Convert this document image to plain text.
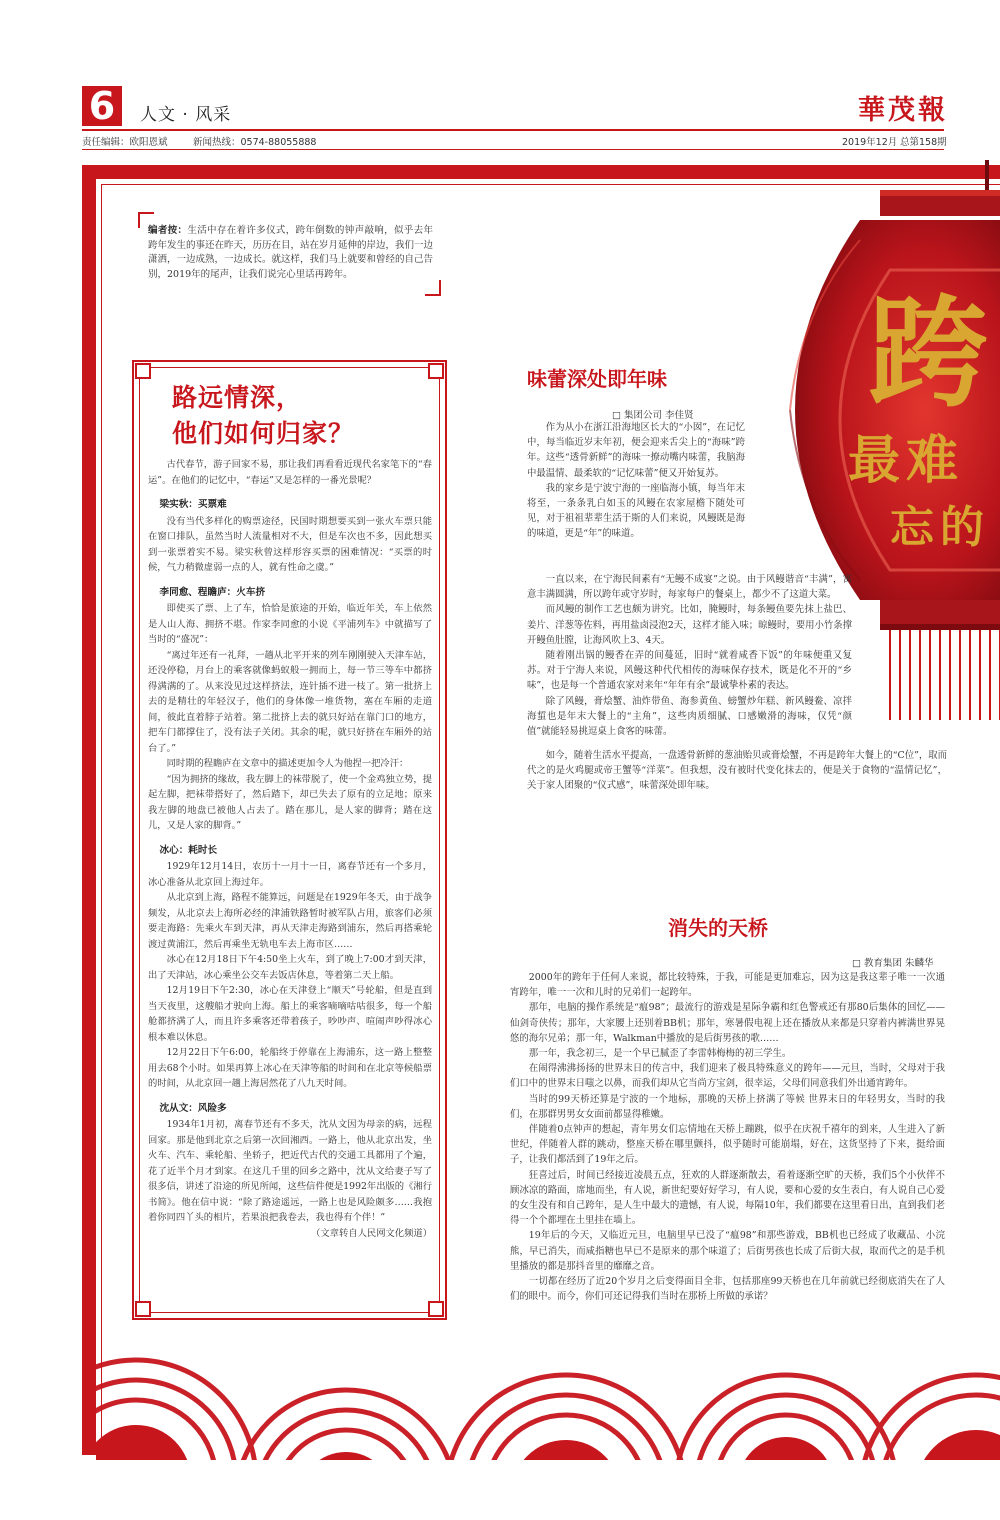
6	人文 · 风采	華茂報
责任编辑：欧阳恩斌	新闻热线：0574-88055888	2019年12月 总第158期
跨
最难
忘的
编者按：生活中存在着许多仪式，跨年倒数的钟声敲响，似乎去年跨年发生的事还在昨天，历历在目，站在岁月延伸的岸边，我们一边潇洒，一边成熟，一边成长。就这样，我们马上就要和曾经的自己告别，2019年的尾声，让我们说完心里话再跨年。
路远情深，
他们如何归家？

古代春节，游子回家不易，那让我们再看看近现代名家笔下的“春运”。在他们的记忆中，“春运”又是怎样的一番光景呢？

梁实秋：买票难

没有当代多样化的购票途径，民国时期想要买到一张火车票只能在窗口排队，虽然当时人流量相对不大，但是车次也不多，因此想买到一张票着实不易。梁实秋曾这样形容买票的困难情况：“买票的时候，气力稍微虚弱一点的人，就有性命之虞。”

李同愈、程瞻庐：火车挤

即使买了票、上了车，恰恰是旅途的开始，临近年关，车上依然是人山人海、拥挤不堪。作家李同愈的小说《平浦列车》中就描写了当时的“盛况”：

“离过年还有一礼拜，一趟从北平开来的列车刚刚驶入天津车站，还没停稳，月台上的乘客就像蚂蚁般一拥而上，每一节三等车中都挤得满满的了。从来没见过这样挤法，连针插不进一枝了。第一批挤上去的是精壮的年轻汉子，他们的身体像一堆货物，塞在车厢的走道间，彼此直着脖子站着。第二批挤上去的就只好站在靠门口的地方，把车门都撑住了，没有法子关闭。其余的呢，就只好挤在车厢外的站台了。”

同时期的程瞻庐在文章中的描述更加令人为他捏一把冷汗：

“因为拥挤的缘故，我左脚上的袜带脱了，使一个金鸡独立势，提起左脚，把袜带搭好了，然后踏下，却已失去了原有的立足地；原来我左脚的地盘已被他人占去了。踏在那儿，是人家的脚背；踏在这儿，又是人家的脚背。”

冰心：耗时长

1929年12月14日，农历十一月十一日，离春节还有一个多月，冰心准备从北京回上海过年。

从北京到上海，路程不能算远，问题是在1929年冬天，由于战争频发，从北京去上海所必经的津浦铁路暂时被军队占用，旅客们必须要走海路：先乘火车到天津，再从天津走海路到浦东，然后再搭乘轮渡过黄浦江，然后再乘坐无轨电车去上海市区……

冰心在12月18日下午4:50坐上火车，到了晚上7:00才到天津，出了天津站，冰心乘坐公交车去饭店休息，等着第二天上船。

12月19日下午2:30，冰心在天津登上“顺天”号轮船，但是直到当天夜里，这艘船才驶向上海。船上的乘客嘀嘀咕咕很多，每一个船舱都挤满了人，而且许多乘客还带着孩子，吵吵声、喧闹声吵得冰心根本难以休息。

12月22日下午6:00，轮船终于停靠在上海浦东，这一路上整整用去68个小时。如果再算上冰心在天津等船的时间和在北京等候船票的时间，从北京回一趟上海居然花了八九天时间。

沈从文：风险多

1934年1月初，离春节还有不多天，沈从文因为母亲的病，远程回家。那是他到北京之后第一次回湘西。一路上，他从北京出发，坐火车、汽车、乘轮船、坐轿子，把近代古代的交通工具都用了个遍，花了近半个月才到家。在这几千里的回乡之路中，沈从文给妻子写了很多信，讲述了沿途的所见所闻，这些信件便是1992年出版的《湘行书简》。他在信中说：“除了路途遥远，一路上也是风险颇多……我抱着你同四丫头的相片，若果浪把我卷去，我也得有个伴！”

（文章转自人民网文化频道）

味蕾深处即年味
□ 集团公司 李佳贤

作为从小在浙江沿海地区长大的“小囡”，在记忆中，每当临近岁末年初，便会迎来舌尖上的“海味”跨年。这些“透骨新鲜”的海味一撩动嘴内味蕾，我脑海中最温情、最柔软的“记忆味蕾”便又开始复苏。

我的家乡是宁波宁海的一座临海小镇，每当年末将至，一条条乳白如玉的风鳗在农家屋檐下随处可见，对于祖祖辈辈生活于斯的人们来说，风鳗既是海的味道，更是“年”的味道。

一直以来，在宁海民间素有“无鳗不成宴”之说。由于风鳗谐音“丰满”，寓意丰满圆满，所以跨年或守岁时，每家每户的餐桌上，都少不了这道大菜。

而风鳗的制作工艺也颇为讲究。比如，腌鳗时，每条鳗鱼要先抹上盐巴、姜片、洋葱等佐料，再用盐卤浸泡2天，这样才能入味；晾鳗时，要用小竹条撑开鳗鱼肚膛，让海风吹上3、4天。

随着刚出锅的鳗香在弄的间蔓延，旧时“就着咸香下饭”的年味便重又复苏。对于宁海人来说，风鳗这种代代相传的海味保存技术，既是化不开的“乡味”，也是每一个普通农家对来年“年年有余”最诚挚朴素的表达。

除了风鳗，膏烩蟹、油炸带鱼、海参黄鱼、螃蟹炒年糕、新风鳗鲞、凉拌海蜇也是年末大餐上的“主角”，这些肉质细腻、口感嫩滑的海味，仅凭“颜值”就能轻易挑逗桌上食客的味蕾。

如今，随着生活水平提高，一盘透骨新鲜的葱油贻贝或膏烩蟹，不再是跨年大餐上的“C位”，取而代之的是火鸡腿或帝王蟹等“洋菜”。但我想，没有被时代变化抹去的，便是关于食物的“温情记忆”，关于家人团聚的“仪式感”，味蕾深处即年味。

消失的天桥
□ 教育集团 朱麟华

2000年的跨年于任何人来说，都比较特殊，于我，可能是更加难忘，因为这是我这辈子唯一一次通宵跨年，唯一一次和儿时的兄弟们一起跨年。

那年，电脑的操作系统是“瘟98”；最流行的游戏是星际争霸和红色警戒还有那80后集体的回忆——仙剑奇侠传；那年，大家腰上还别着BB机；那年，寒暑假电视上还在播放从来都是只穿着内裤满世界晃悠的海尔兄弟；那一年，Walkman中播放的是后街男孩的歌……

那一年，我念初三，是一个早已腻歪了李雷韩梅梅的初三学生。

在闹得沸沸扬扬的世界末日的传言中，我们迎来了极具特殊意义的跨年——元旦，当时，父母对于我们口中的世界末日嗤之以鼻，而我们却从它当尚方宝剑，很幸运，父母们同意我们外出通宵跨年。

当时的99天桥还算是宁波的一个地标，那晚的天桥上挤满了等候 世界末日的年轻男女，当时的我们，在那群男男女女面前都显得稚嫩。

伴随着0点钟声的想起，青年男女们忘情地在天桥上蹦跳，似乎在庆祝千禧年的到来，人生进入了新世纪，伴随着人群的跳动，整座天桥在哪里颤抖，似乎随时可能崩塌，好在，这货坚持了下来，挺给面子，让我们都活到了19年之后。

狂喜过后，时间已经接近凌晨五点，狂欢的人群逐渐散去，看着逐渐空旷的天桥，我们5个小伙伴不顾冰凉的路面，席地而坐，有人说，新世纪要好好学习，有人说，要和心爱的女生表白，有人说自己心爱的女生没有和自己跨年，是人生中最大的遗憾，有人说，每隔10年，我们都要在这里看日出，直到我们老得一个个都埋在土里挂在墙上。

19年后的今天，又临近元旦，电脑里早已没了“瘟98”和那些游戏，BB机也已经成了收藏品、小浣熊，早已消失，而咸指糖也早已不是原来的那个味道了；后街男孩也长成了后街大叔，取而代之的是手机里播放的都是那抖音里的靡靡之音。

一切都在经历了近20个岁月之后变得面目全非，包括那座99天桥也在几年前就已经彻底消失在了人们的眼中。而今，你们可还记得我们当时在那桥上所做的承诺？
